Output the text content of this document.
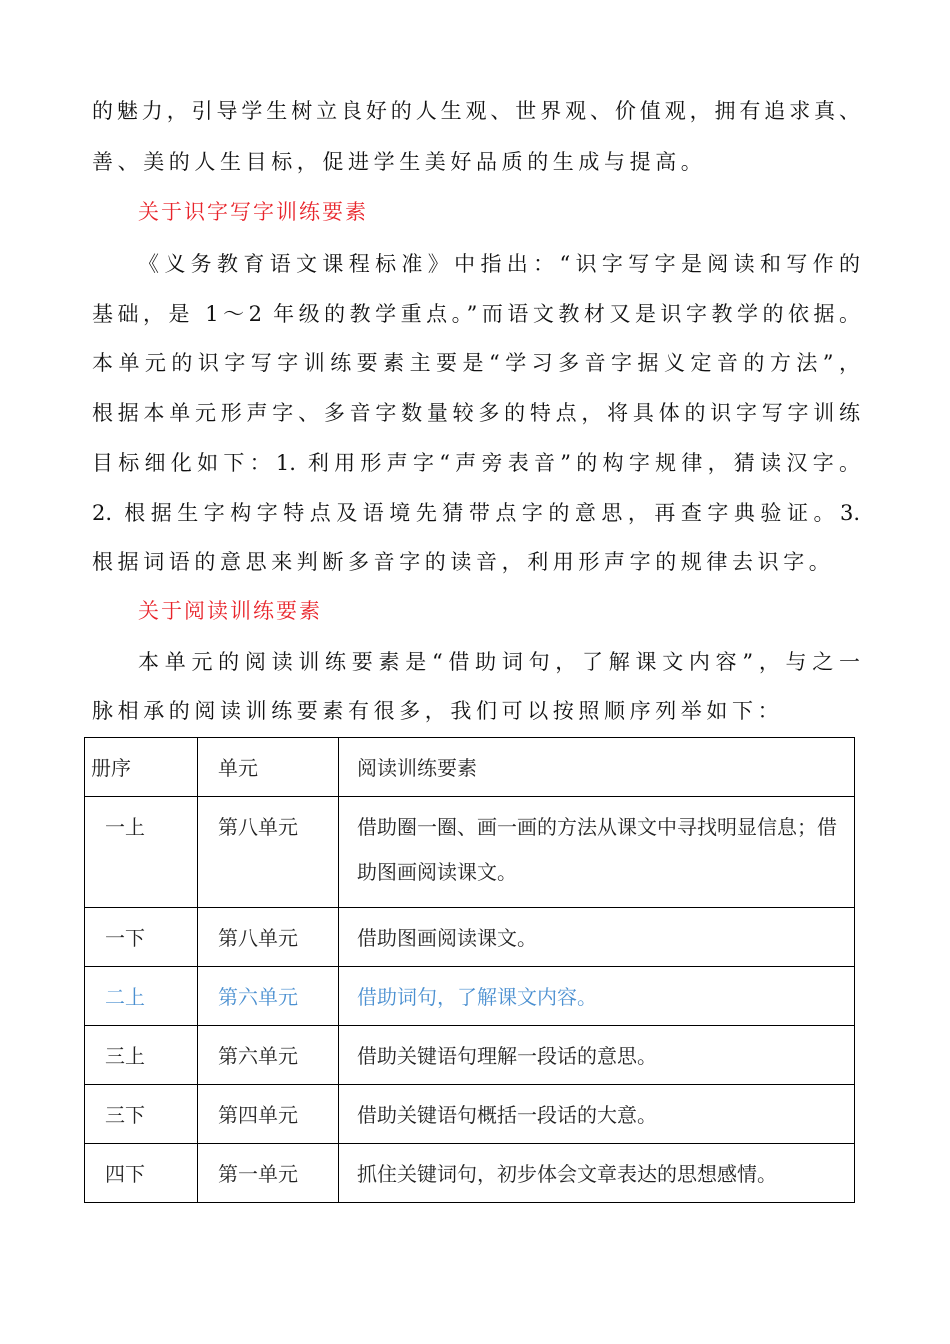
的魅力，引导学生树立良好的人生观、世界观、价值观，拥有追求真、
善、美的人生目标，促进学生美好品质的生成与提高。
关于识字写字训练要素
《义务教育语文课程标准》中指出：“识字写字是阅读和写作的
基础，是 1～2 年级的教学重点。”而语文教材又是识字教学的依据。
本单元的识字写字训练要素主要是“学习多音字据义定音的方法”，
根据本单元形声字、多音字数量较多的特点，将具体的识字写字训练
目标细化如下：1. 利用形声字“声旁表音”的构字规律，猜读汉字。
2. 根据生字构字特点及语境先猜带点字的意思，再查字典验证。3.
根据词语的意思来判断多音字的读音，利用形声字的规律去识字。
关于阅读训练要素
本单元的阅读训练要素是“借助词句，了解课文内容”，与之一
脉相承的阅读训练要素有很多，我们可以按照顺序列举如下：
册序	单元	阅读训练要素

一上	第八单元	借助圈一圈、画一画的方法从课文中寻找明显信息；借助图画阅读课文。

一下	第八单元	借助图画阅读课文。

二上	第六单元	借助词句，了解课文内容。

三上	第六单元	借助关键语句理解一段话的意思。

三下	第四单元	借助关键语句概括一段话的大意。

四下	第一单元	抓住关键词句，初步体会文章表达的思想感情。
